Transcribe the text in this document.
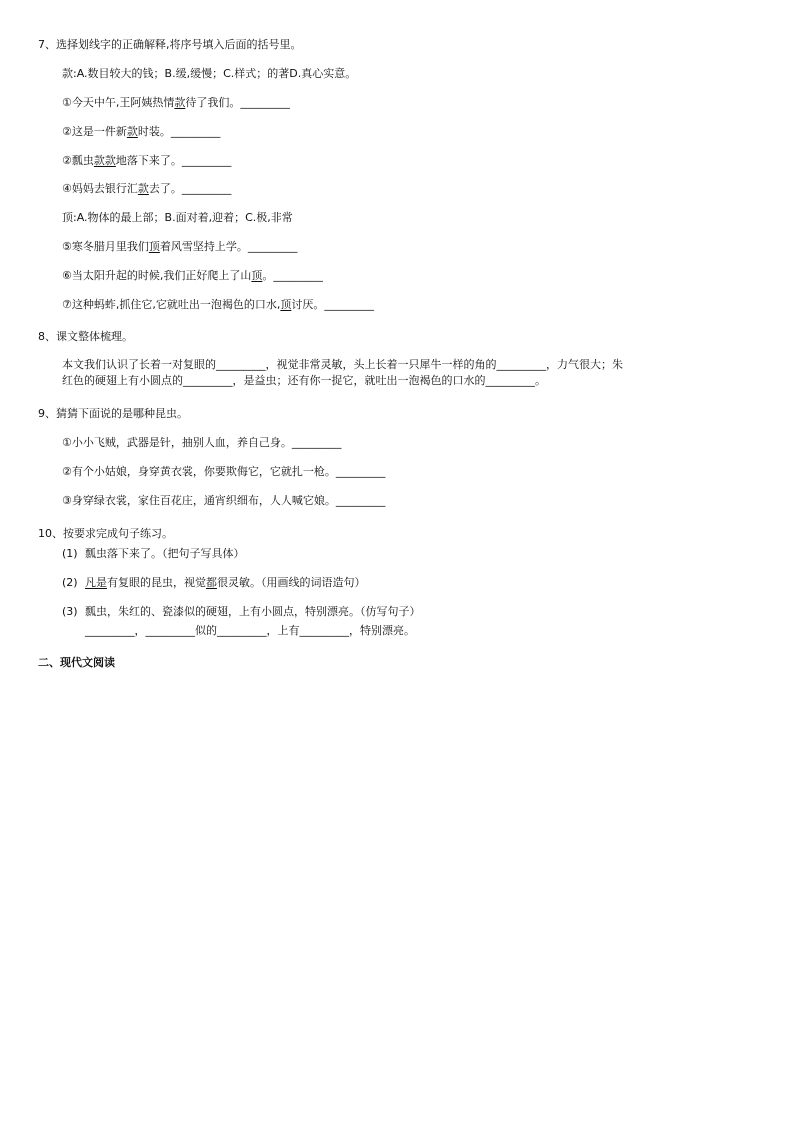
7、选择划线字的正确解释,将序号填入后面的括号里。
款:A.数目较大的钱；B.缓,缓慢；C.样式；的著D.真心实意。
①今天中午,王阿姨热情款待了我们。_________
②这是一件新款时装。_________
②瓢虫款款地落下来了。_________
④妈妈去银行汇款去了。_________
顶:A.物体的最上部；B.面对着,迎着；C.极,非常
⑤寒冬腊月里我们顶着风雪坚持上学。_________
⑥当太阳升起的时候,我们正好爬上了山顶。_________
⑦这种蚂蚱,抓住它,它就吐出一泡褐色的口水,顶讨厌。_________
8、课文整体梳理。
本文我们认识了长着一对复眼的_________，视觉非常灵敏，头上长着一只犀牛一样的角的_________，力气很大；朱
红色的硬翅上有小圆点的_________，是益虫；还有你一捉它，就吐出一泡褐色的口水的_________。
9、猜猜下面说的是哪种昆虫。
①小小飞贼，武器是针，抽别人血，养自己身。_________
②有个小姑娘，身穿黄衣裳，你要欺侮它，它就扎一枪。_________
③身穿绿衣裳，家住百花庄，通宵织细布，人人喊它娘。_________
10、按要求完成句子练习。
(1) 瓢虫落下来了。（把句子写具体）
(2) 凡是有复眼的昆虫，视觉都很灵敏。（用画线的词语造句）
(3) 瓢虫，朱红的、瓷漆似的硬翅，上有小圆点，特别漂亮。（仿写句子）
_________，_________似的_________，上有_________，特别漂亮。
二、现代文阅读
